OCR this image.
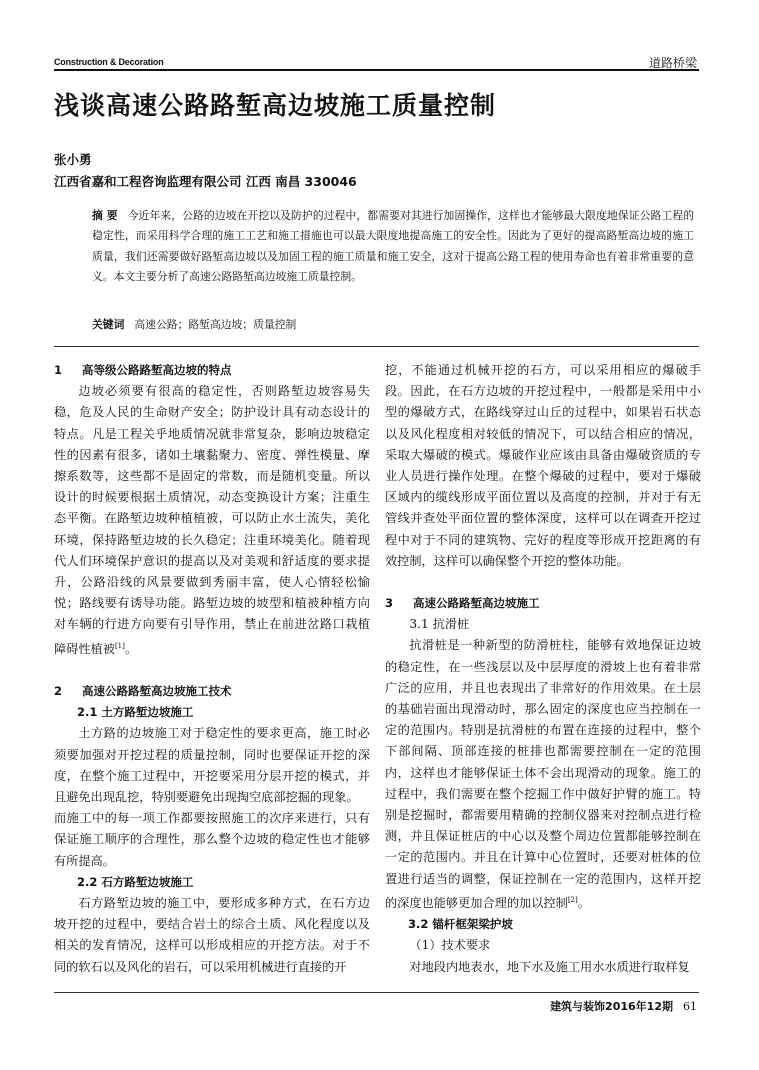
Construction & Decoration	道路桥梁
浅谈高速公路路堑高边坡施工质量控制
张小勇
江西省嘉和工程咨询监理有限公司 江西 南昌 330046
摘 要 今近年来，公路的边坡在开挖以及防护的过程中，都需要对其进行加固操作，这样也才能够最大限度地保证公路工程的稳定性，而采用科学合理的施工工艺和施工措施也可以最大限度地提高施工的安全性。因此为了更好的提高路堑高边坡的施工质量，我们还需要做好路堑高边坡以及加固工程的施工质量和施工安全，这对于提高公路工程的使用寿命也有着非常重要的意义。本文主要分析了高速公路路堑高边坡施工质量控制。
关键词 高速公路；路堑高边坡；质量控制
1 高等级公路路堑高边坡的特点

边坡必须要有很高的稳定性，否则路堑边坡容易失稳，危及人民的生命财产安全；防护设计具有动态设计的特点。凡是工程关乎地质情况就非常复杂，影响边坡稳定性的因素有很多，诸如土壤黏聚力、密度、弹性模量、摩擦系数等，这些都不是固定的常数，而是随机变量。所以设计的时候要根据土质情况，动态变换设计方案；注重生态平衡。在路堑边坡种植植被，可以防止水土流失，美化环境，保持路堑边坡的长久稳定；注重环境美化。随着现代人们环境保护意识的提高以及对美观和舒适度的要求提升，公路沿线的风景要做到秀丽丰富，使人心情轻松愉悦；路线要有诱导功能。路堑边坡的坡型和植被种植方向对车辆的行进方向要有引导作用，禁止在前进岔路口栽植障碍性植被[1]。

2 高速公路路堑高边坡施工技术
2.1 土方路堑边坡施工

土方路的边坡施工对于稳定性的要求更高，施工时必须要加强对开挖过程的质量控制，同时也要保证开挖的深度，在整个施工过程中，开挖要采用分层开挖的模式，并且避免出现乱挖，特别要避免出现掏空底部挖掘的现象。

而施工中的每一项工作都要按照施工的次序来进行，只有保证施工顺序的合理性，那么整个边坡的稳定性也才能够有所提高。

2.2 石方路堑边坡施工

石方路堑边坡的施工中，要形成多种方式，在石方边坡开挖的过程中，要结合岩土的综合土质、风化程度以及相关的发育情况，这样可以形成相应的开挖方法。对于不同的软石以及风化的岩石，可以采用机械进行直接的开

挖，不能通过机械开挖的石方，可以采用相应的爆破手段。因此，在石方边坡的开挖过程中，一般都是采用中小型的爆破方式，在路线穿过山丘的过程中，如果岩石状态以及风化程度相对较低的情况下，可以结合相应的情况，采取大爆破的模式。爆破作业应该由具备由爆破资质的专业人员进行操作处理。在整个爆破的过程中，要对于爆破区域内的缆线形成平面位置以及高度的控制，并对于有无管线并查处平面位置的整体深度，这样可以在调查开挖过程中对于不同的建筑物、完好的程度等形成开挖距离的有效控制，这样可以确保整个开挖的整体功能。

3 高速公路路堑高边坡施工
3.1 抗滑桩

抗滑桩是一种新型的防滑桩柱，能够有效地保证边坡的稳定性，在一些浅层以及中层厚度的滑坡上也有着非常广泛的应用，并且也表现出了非常好的作用效果。在土层的基础岩面出现滑动时，那么固定的深度也应当控制在一定的范围内。特别是抗滑桩的布置在连接的过程中，整个下部间隔、顶部连接的桩排也都需要控制在一定的范围内，这样也才能够保证土体不会出现滑动的现象。施工的过程中，我们需要在整个挖掘工作中做好护臂的施工。特别是挖掘时，都需要用精确的控制仪器来对控制点进行检测，并且保证桩店的中心以及整个周边位置都能够控制在一定的范围内。并且在计算中心位置时，还要对桩体的位置进行适当的调整，保证控制在一定的范围内，这样开挖的深度也能够更加合理的加以控制[2]。

3.2 锚杆框架梁护坡
（1）技术要求

对地段内地表水，地下水及施工用水水质进行取样复

建筑与装饰2016年12期 61
